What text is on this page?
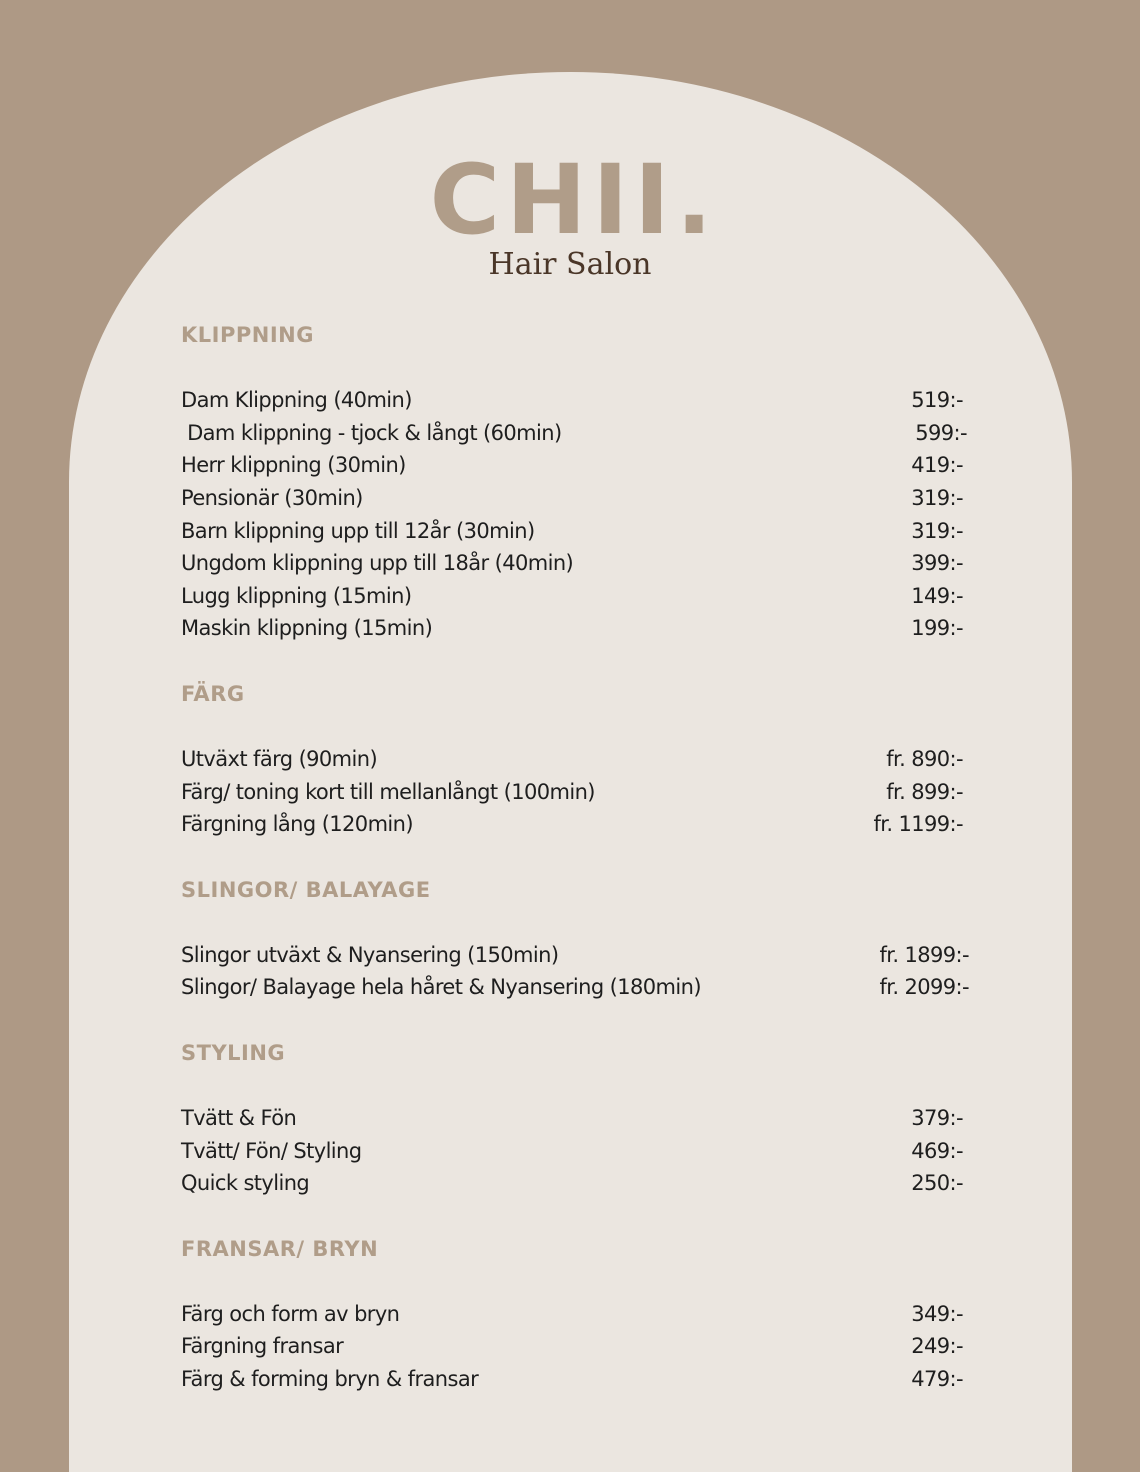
CHII.
Hair Salon
KLIPPNING
Dam Klippning (40min)	519:-
Dam klippning - tjock & långt (60min)	599:-
Herr klippning (30min)	419:-
Pensionär (30min)	319:-
Barn klippning upp till 12år (30min)	319:-
Ungdom klippning upp till 18år (40min)	399:-
Lugg klippning (15min)	149:-
Maskin klippning (15min)	199:-
FÄRG
Utväxt färg (90min)	fr. 890:-
Färg/ toning kort till mellanlångt (100min)	fr. 899:-
Färgning lång (120min)	fr. 1199:-
SLINGOR/ BALAYAGE
Slingor utväxt & Nyansering (150min)	fr. 1899:-
Slingor/ Balayage hela håret & Nyansering (180min)	fr. 2099:-
STYLING
Tvätt & Fön	379:-
Tvätt/ Fön/ Styling	469:-
Quick styling	250:-
FRANSAR/ BRYN
Färg och form av bryn	349:-
Färgning fransar	249:-
Färg & forming bryn & fransar	479:-
